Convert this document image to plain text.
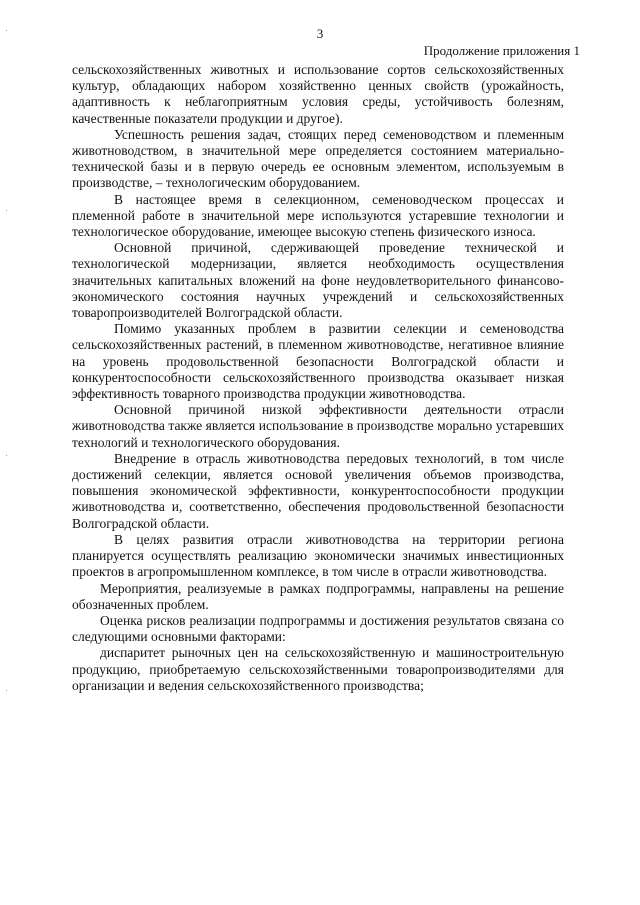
3
Продолжение приложения 1

сельскохозяйственных животных и использование сортов сельскохозяйственных культур, обладающих набором хозяйственно ценных свойств (урожайность, адаптивность к неблагоприятным условия среды, устойчивость болезням, качественные показатели продукции и другое).

Успешность решения задач, стоящих перед семеноводством и племенным животноводством, в значительной мере определяется состоянием материально-технической базы и в первую очередь ее основным элементом, используемым в производстве, – технологическим оборудованием.

В настоящее время в селекционном, семеноводческом процессах и племенной работе в значительной мере используются устаревшие технологии и технологическое оборудование, имеющее высокую степень физического износа.

Основной причиной, сдерживающей проведение технической и технологической модернизации, является необходимость осуществления значительных капитальных вложений на фоне неудовлетворительного финансово-экономического состояния научных учреждений и сельскохозяйственных товаропроизводителей Волгоградской области.

Помимо указанных проблем в развитии селекции и семеноводства сельскохозяйственных растений, в племенном животноводстве, негативное влияние на уровень продовольственной безопасности Волгоградской области и конкурентоспособности сельскохозяйственного производства оказывает низкая эффективность товарного производства продукции животноводства.

Основной причиной низкой эффективности деятельности отрасли животноводства также является использование в производстве морально устаревших технологий и технологического оборудования.

Внедрение в отрасль животноводства передовых технологий, в том числе достижений селекции, является основой увеличения объемов производства, повышения экономической эффективности, конкурентоспособности продукции животноводства и, соответственно, обеспечения продовольственной безопасности Волгоградской области.

В целях развития отрасли животноводства на территории региона планируется осуществлять реализацию экономически значимых инвестиционных проектов в агропромышленном комплексе, в том числе в отрасли животноводства.

Мероприятия, реализуемые в рамках подпрограммы, направлены на решение обозначенных проблем.

Оценка рисков реализации подпрограммы и достижения результатов связана со следующими основными факторами:

диспаритет рыночных цен на сельскохозяйственную и машиностроительную продукцию, приобретаемую сельскохозяйственными товаропроизводителями для организации и ведения сельскохозяйственного производства;
